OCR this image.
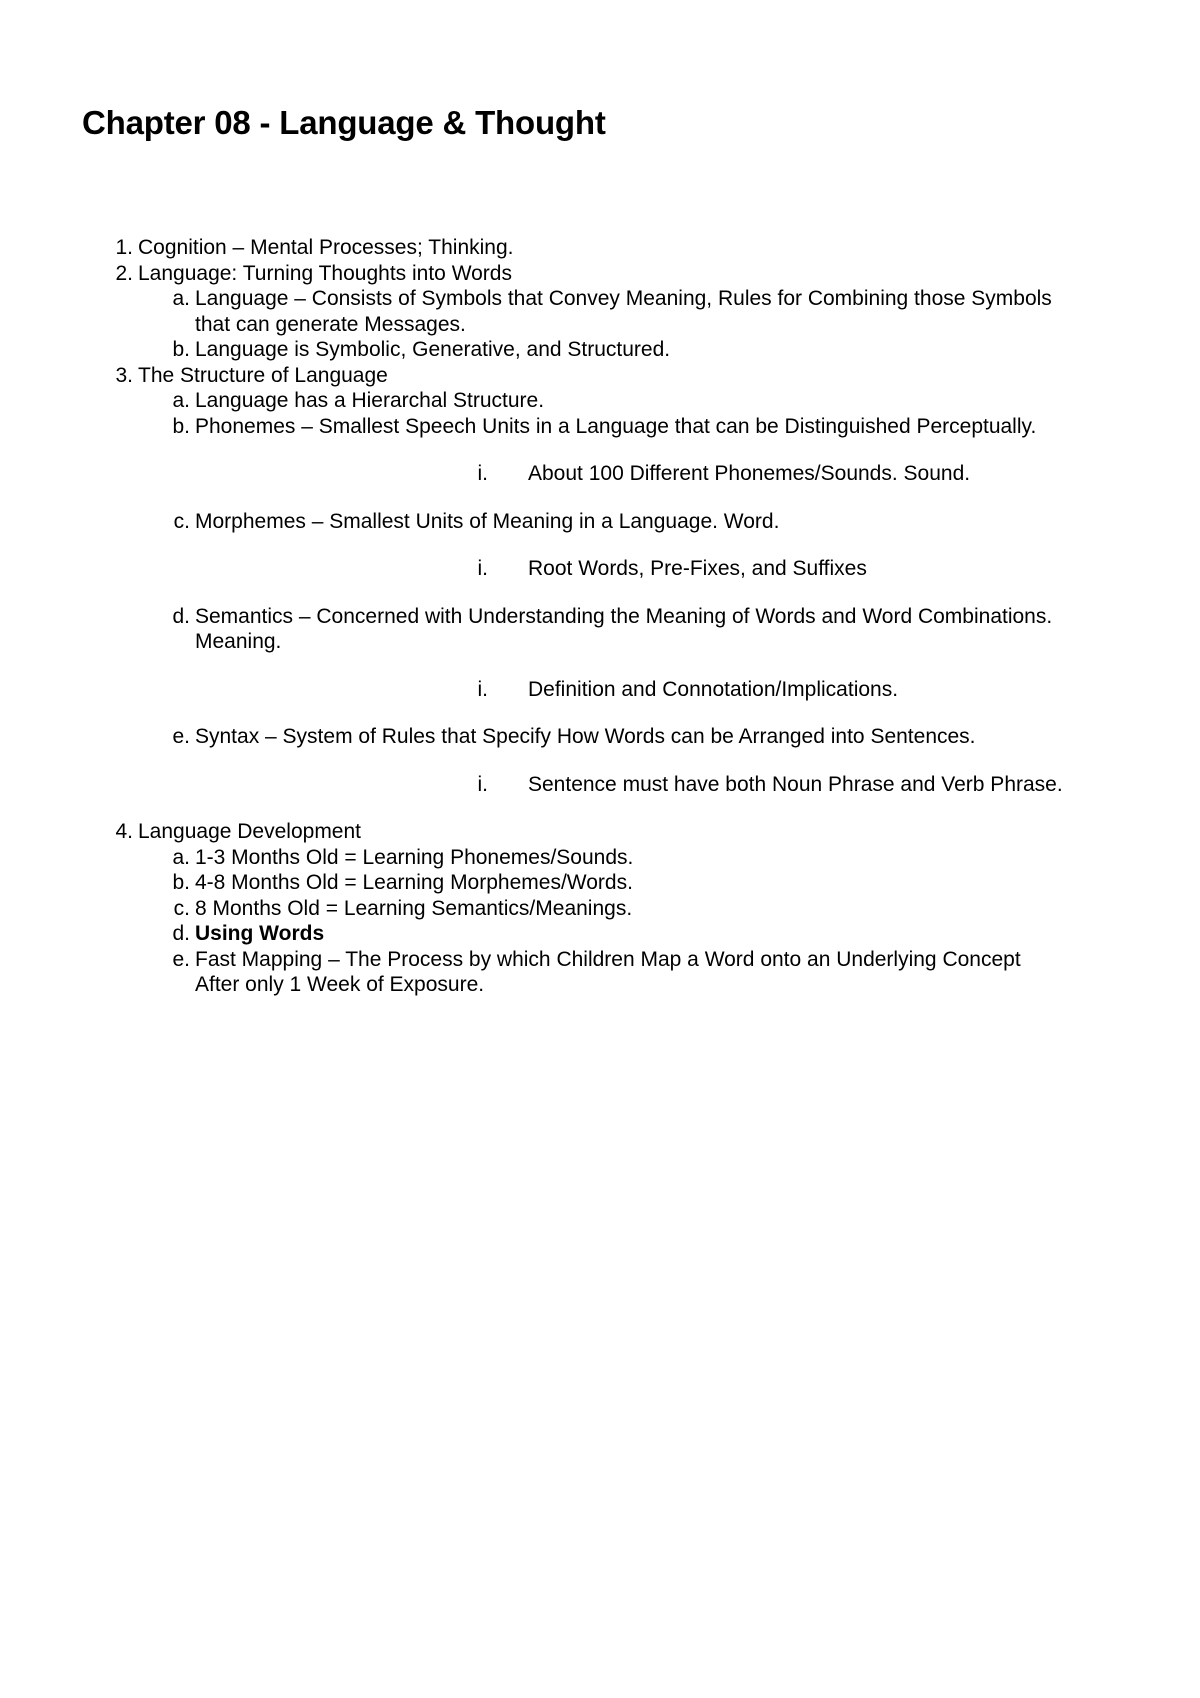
Chapter 08 - Language & Thought
1. Cognition – Mental Processes; Thinking.
2. Language: Turning Thoughts into Words
a. Language – Consists of Symbols that Convey Meaning, Rules for Combining those Symbols
that can generate Messages.
b. Language is Symbolic, Generative, and Structured.
3. The Structure of Language
a. Language has a Hierarchal Structure.
b. Phonemes – Smallest Speech Units in a Language that can be Distinguished Perceptually.
i. About 100 Different Phonemes/Sounds. Sound.
c. Morphemes – Smallest Units of Meaning in a Language. Word.
i. Root Words, Pre-Fixes, and Suffixes
d. Semantics – Concerned with Understanding the Meaning of Words and Word Combinations.
Meaning.
i. Definition and Connotation/Implications.
e. Syntax – System of Rules that Specify How Words can be Arranged into Sentences.
i. Sentence must have both Noun Phrase and Verb Phrase.
4. Language Development
a. 1-3 Months Old = Learning Phonemes/Sounds.
b. 4-8 Months Old = Learning Morphemes/Words.
c. 8 Months Old = Learning Semantics/Meanings.
d. Using Words
e. Fast Mapping – The Process by which Children Map a Word onto an Underlying Concept
After only 1 Week of Exposure.
